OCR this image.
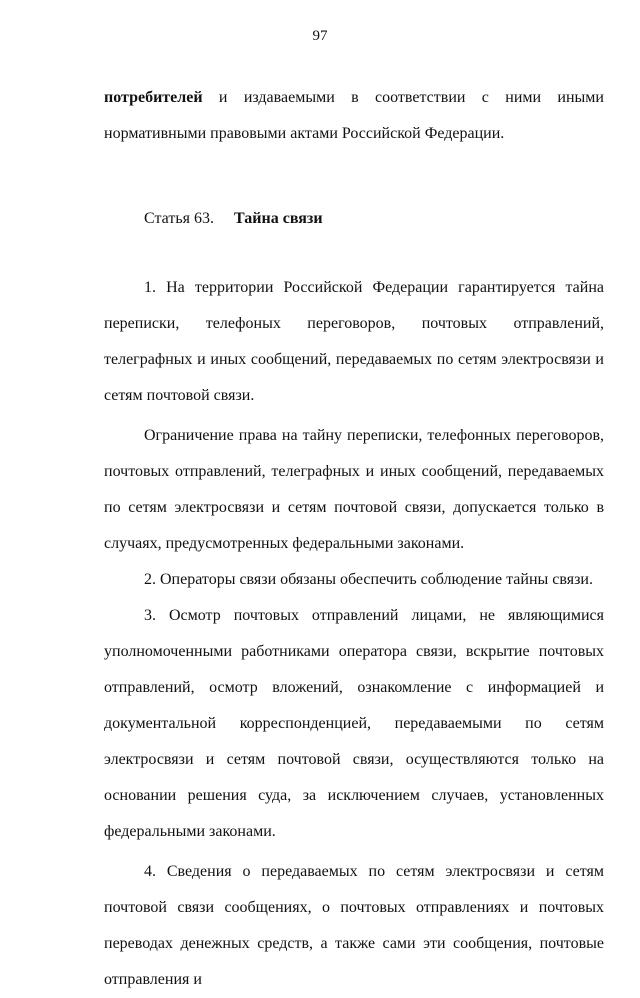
97

потребителей и издаваемыми в соответствии с ними иными нормативными правовыми актами Российской Федерации.

Статья 63. Тайна связи

1. На территории Российской Федерации гарантируется тайна переписки, телефоных переговоров, почтовых отправлений, телеграфных и иных сообщений, передаваемых по сетям электросвязи и сетям почтовой связи.

Ограничение права на тайну переписки, телефонных переговоров, почтовых отправлений, телеграфных и иных сообщений, передаваемых по сетям электросвязи и сетям почтовой связи, допускается только в случаях, предусмотренных федеральными законами.

2. Операторы связи обязаны обеспечить соблюдение тайны связи.

3. Осмотр почтовых отправлений лицами, не являющимися уполномоченными работниками оператора связи, вскрытие почтовых отправлений, осмотр вложений, ознакомление с информацией и документальной корреспонденцией, передаваемыми по сетям электросвязи и сетям почтовой связи, осуществляются только на основании решения суда, за исключением случаев, установленных федеральными законами.

4. Сведения о передаваемых по сетям электросвязи и сетям почтовой связи сообщениях, о почтовых отправлениях и почтовых переводах денежных средств, а также сами эти сообщения, почтовые отправления и
